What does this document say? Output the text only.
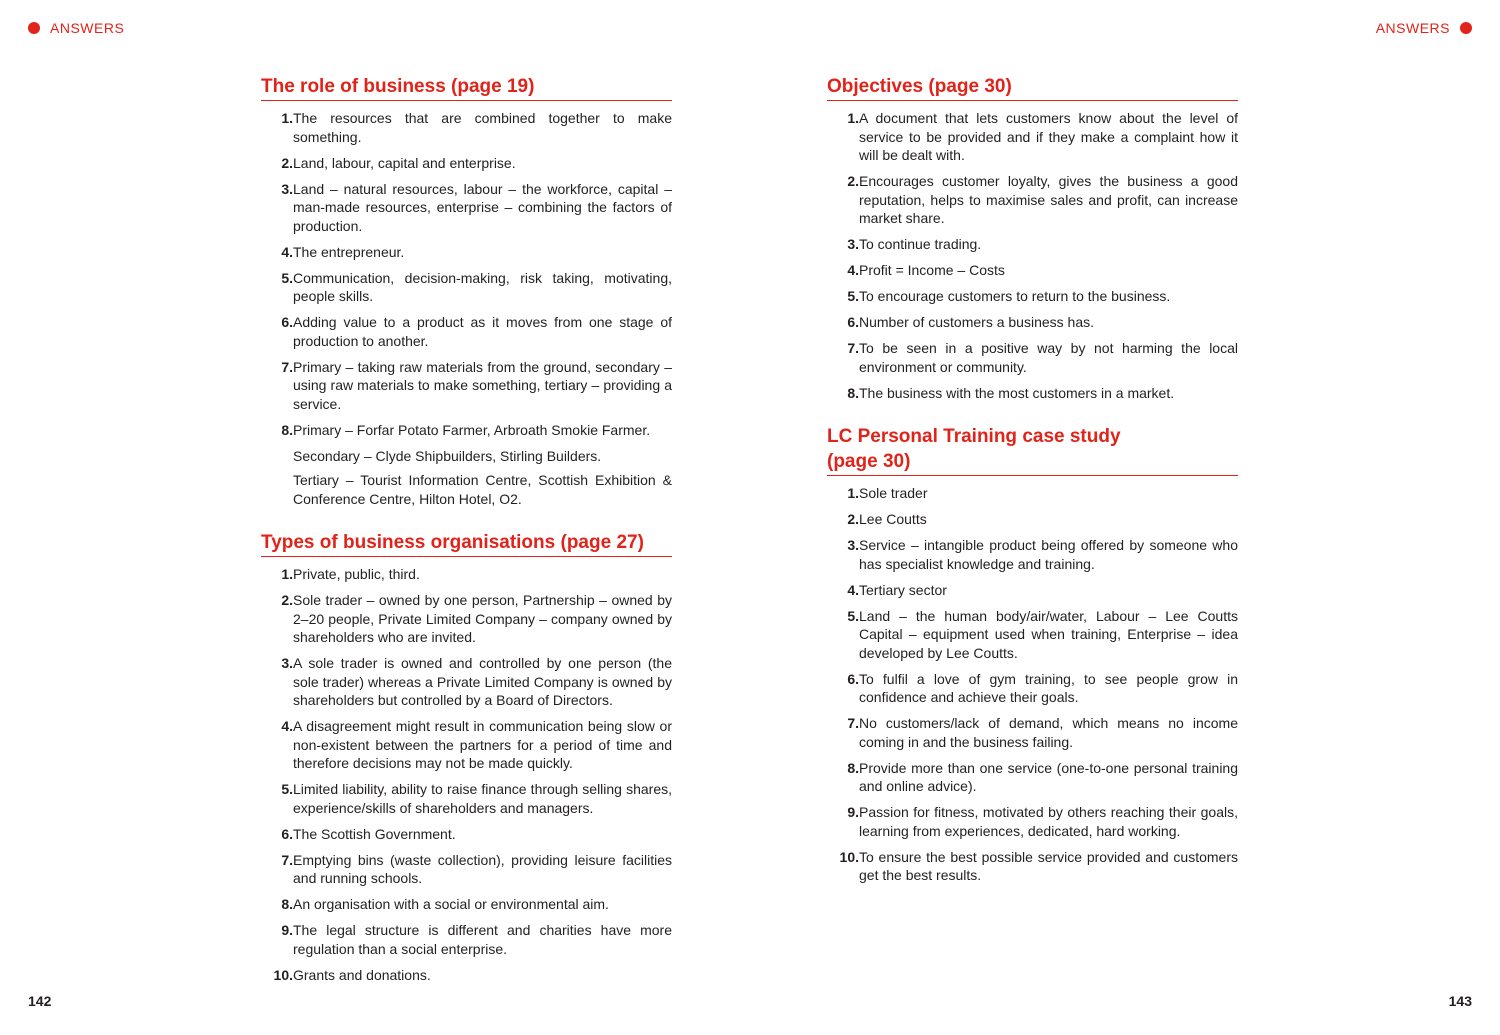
ANSWERS	ANSWERS
The role of business (page 19)
1. The resources that are combined together to make something.
2. Land, labour, capital and enterprise.
3. Land – natural resources, labour – the workforce, capital – man-made resources, enterprise – combining the factors of production.
4. The entrepreneur.
5. Communication, decision-making, risk taking, motivating, people skills.
6. Adding value to a product as it moves from one stage of production to another.
7. Primary – taking raw materials from the ground, secondary – using raw materials to make something, tertiary – providing a service.
8. Primary – Forfar Potato Farmer, Arbroath Smokie Farmer.
Secondary – Clyde Shipbuilders, Stirling Builders.
Tertiary – Tourist Information Centre, Scottish Exhibition & Conference Centre, Hilton Hotel, O2.
Types of business organisations (page 27)
1. Private, public, third.
2. Sole trader – owned by one person, Partnership – owned by 2–20 people, Private Limited Company – company owned by shareholders who are invited.
3. A sole trader is owned and controlled by one person (the sole trader) whereas a Private Limited Company is owned by shareholders but controlled by a Board of Directors.
4. A disagreement might result in communication being slow or non-existent between the partners for a period of time and therefore decisions may not be made quickly.
5. Limited liability, ability to raise finance through selling shares, experience/skills of shareholders and managers.
6. The Scottish Government.
7. Emptying bins (waste collection), providing leisure facilities and running schools.
8. An organisation with a social or environmental aim.
9. The legal structure is different and charities have more regulation than a social enterprise.
10. Grants and donations.
Objectives (page 30)
1. A document that lets customers know about the level of service to be provided and if they make a complaint how it will be dealt with.
2. Encourages customer loyalty, gives the business a good reputation, helps to maximise sales and profit, can increase market share.
3. To continue trading.
4. Profit = Income – Costs
5. To encourage customers to return to the business.
6. Number of customers a business has.
7. To be seen in a positive way by not harming the local environment or community.
8. The business with the most customers in a market.
LC Personal Training case study
(page 30)
1. Sole trader
2. Lee Coutts
3. Service – intangible product being offered by someone who has specialist knowledge and training.
4. Tertiary sector
5. Land – the human body/air/water, Labour – Lee Coutts Capital – equipment used when training, Enterprise – idea developed by Lee Coutts.
6. To fulfil a love of gym training, to see people grow in confidence and achieve their goals.
7. No customers/lack of demand, which means no income coming in and the business failing.
8. Provide more than one service (one-to-one personal training and online advice).
9. Passion for fitness, motivated by others reaching their goals, learning from experiences, dedicated, hard working.
10. To ensure the best possible service provided and customers get the best results.
142	143
